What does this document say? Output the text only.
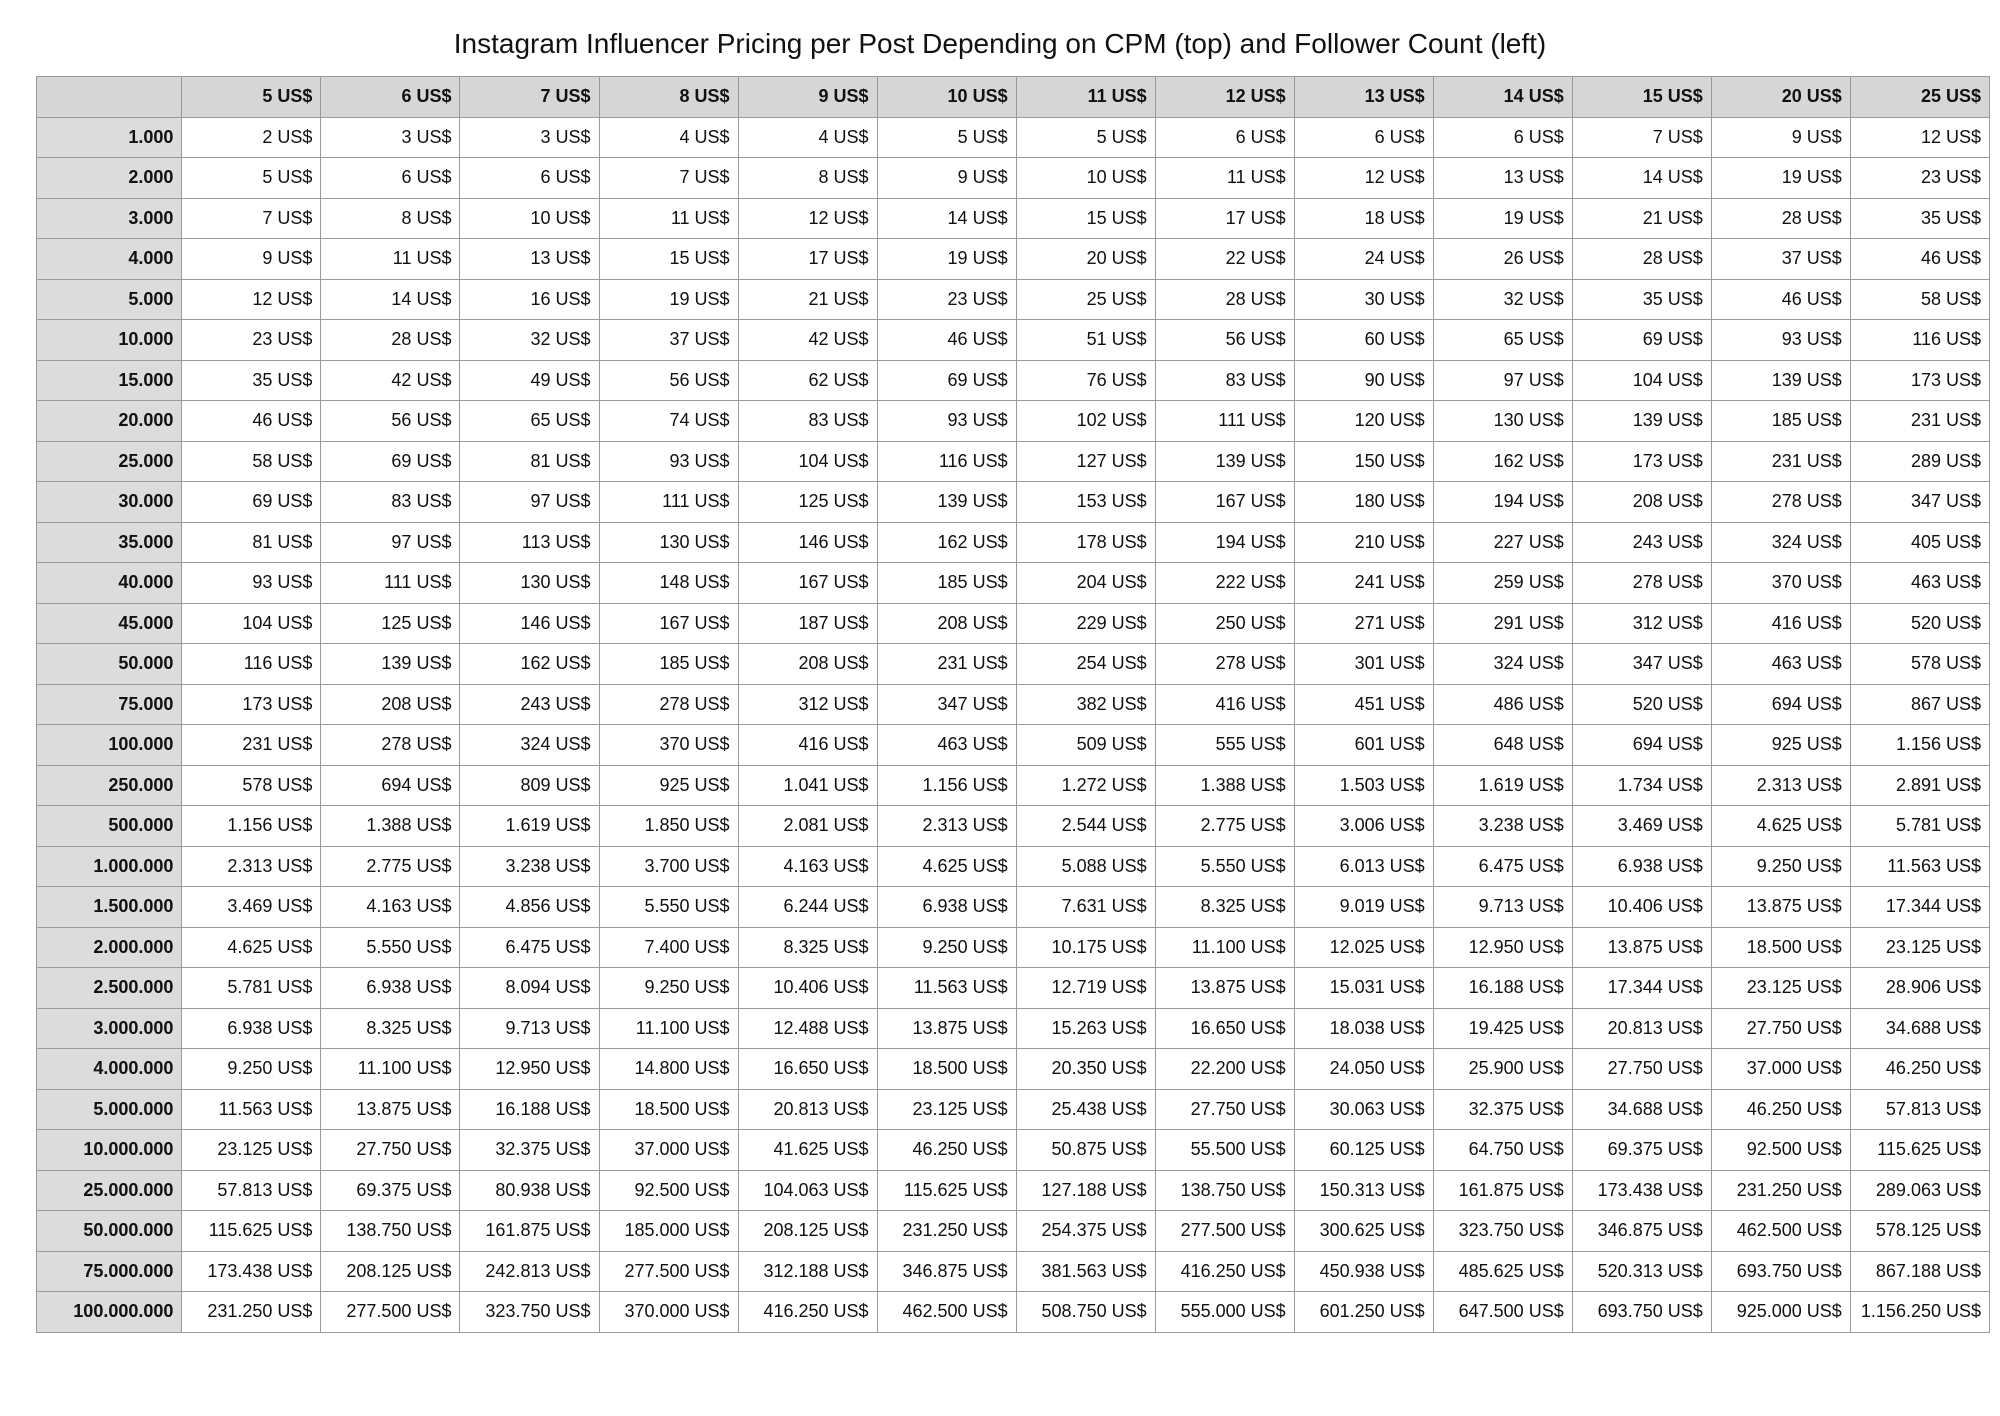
Instagram Influencer Pricing per Post Depending on CPM (top) and Follower Count (left)
	5 US$	6 US$	7 US$	8 US$	9 US$	10 US$	11 US$	12 US$	13 US$	14 US$	15 US$	20 US$	25 US$
1.000	2 US$	3 US$	3 US$	4 US$	4 US$	5 US$	5 US$	6 US$	6 US$	6 US$	7 US$	9 US$	12 US$
2.000	5 US$	6 US$	6 US$	7 US$	8 US$	9 US$	10 US$	11 US$	12 US$	13 US$	14 US$	19 US$	23 US$
3.000	7 US$	8 US$	10 US$	11 US$	12 US$	14 US$	15 US$	17 US$	18 US$	19 US$	21 US$	28 US$	35 US$
4.000	9 US$	11 US$	13 US$	15 US$	17 US$	19 US$	20 US$	22 US$	24 US$	26 US$	28 US$	37 US$	46 US$
5.000	12 US$	14 US$	16 US$	19 US$	21 US$	23 US$	25 US$	28 US$	30 US$	32 US$	35 US$	46 US$	58 US$
10.000	23 US$	28 US$	32 US$	37 US$	42 US$	46 US$	51 US$	56 US$	60 US$	65 US$	69 US$	93 US$	116 US$
15.000	35 US$	42 US$	49 US$	56 US$	62 US$	69 US$	76 US$	83 US$	90 US$	97 US$	104 US$	139 US$	173 US$
20.000	46 US$	56 US$	65 US$	74 US$	83 US$	93 US$	102 US$	111 US$	120 US$	130 US$	139 US$	185 US$	231 US$
25.000	58 US$	69 US$	81 US$	93 US$	104 US$	116 US$	127 US$	139 US$	150 US$	162 US$	173 US$	231 US$	289 US$
30.000	69 US$	83 US$	97 US$	111 US$	125 US$	139 US$	153 US$	167 US$	180 US$	194 US$	208 US$	278 US$	347 US$
35.000	81 US$	97 US$	113 US$	130 US$	146 US$	162 US$	178 US$	194 US$	210 US$	227 US$	243 US$	324 US$	405 US$
40.000	93 US$	111 US$	130 US$	148 US$	167 US$	185 US$	204 US$	222 US$	241 US$	259 US$	278 US$	370 US$	463 US$
45.000	104 US$	125 US$	146 US$	167 US$	187 US$	208 US$	229 US$	250 US$	271 US$	291 US$	312 US$	416 US$	520 US$
50.000	116 US$	139 US$	162 US$	185 US$	208 US$	231 US$	254 US$	278 US$	301 US$	324 US$	347 US$	463 US$	578 US$
75.000	173 US$	208 US$	243 US$	278 US$	312 US$	347 US$	382 US$	416 US$	451 US$	486 US$	520 US$	694 US$	867 US$
100.000	231 US$	278 US$	324 US$	370 US$	416 US$	463 US$	509 US$	555 US$	601 US$	648 US$	694 US$	925 US$	1.156 US$
250.000	578 US$	694 US$	809 US$	925 US$	1.041 US$	1.156 US$	1.272 US$	1.388 US$	1.503 US$	1.619 US$	1.734 US$	2.313 US$	2.891 US$
500.000	1.156 US$	1.388 US$	1.619 US$	1.850 US$	2.081 US$	2.313 US$	2.544 US$	2.775 US$	3.006 US$	3.238 US$	3.469 US$	4.625 US$	5.781 US$
1.000.000	2.313 US$	2.775 US$	3.238 US$	3.700 US$	4.163 US$	4.625 US$	5.088 US$	5.550 US$	6.013 US$	6.475 US$	6.938 US$	9.250 US$	11.563 US$
1.500.000	3.469 US$	4.163 US$	4.856 US$	5.550 US$	6.244 US$	6.938 US$	7.631 US$	8.325 US$	9.019 US$	9.713 US$	10.406 US$	13.875 US$	17.344 US$
2.000.000	4.625 US$	5.550 US$	6.475 US$	7.400 US$	8.325 US$	9.250 US$	10.175 US$	11.100 US$	12.025 US$	12.950 US$	13.875 US$	18.500 US$	23.125 US$
2.500.000	5.781 US$	6.938 US$	8.094 US$	9.250 US$	10.406 US$	11.563 US$	12.719 US$	13.875 US$	15.031 US$	16.188 US$	17.344 US$	23.125 US$	28.906 US$
3.000.000	6.938 US$	8.325 US$	9.713 US$	11.100 US$	12.488 US$	13.875 US$	15.263 US$	16.650 US$	18.038 US$	19.425 US$	20.813 US$	27.750 US$	34.688 US$
4.000.000	9.250 US$	11.100 US$	12.950 US$	14.800 US$	16.650 US$	18.500 US$	20.350 US$	22.200 US$	24.050 US$	25.900 US$	27.750 US$	37.000 US$	46.250 US$
5.000.000	11.563 US$	13.875 US$	16.188 US$	18.500 US$	20.813 US$	23.125 US$	25.438 US$	27.750 US$	30.063 US$	32.375 US$	34.688 US$	46.250 US$	57.813 US$
10.000.000	23.125 US$	27.750 US$	32.375 US$	37.000 US$	41.625 US$	46.250 US$	50.875 US$	55.500 US$	60.125 US$	64.750 US$	69.375 US$	92.500 US$	115.625 US$
25.000.000	57.813 US$	69.375 US$	80.938 US$	92.500 US$	104.063 US$	115.625 US$	127.188 US$	138.750 US$	150.313 US$	161.875 US$	173.438 US$	231.250 US$	289.063 US$
50.000.000	115.625 US$	138.750 US$	161.875 US$	185.000 US$	208.125 US$	231.250 US$	254.375 US$	277.500 US$	300.625 US$	323.750 US$	346.875 US$	462.500 US$	578.125 US$
75.000.000	173.438 US$	208.125 US$	242.813 US$	277.500 US$	312.188 US$	346.875 US$	381.563 US$	416.250 US$	450.938 US$	485.625 US$	520.313 US$	693.750 US$	867.188 US$
100.000.000	231.250 US$	277.500 US$	323.750 US$	370.000 US$	416.250 US$	462.500 US$	508.750 US$	555.000 US$	601.250 US$	647.500 US$	693.750 US$	925.000 US$	1.156.250 US$
